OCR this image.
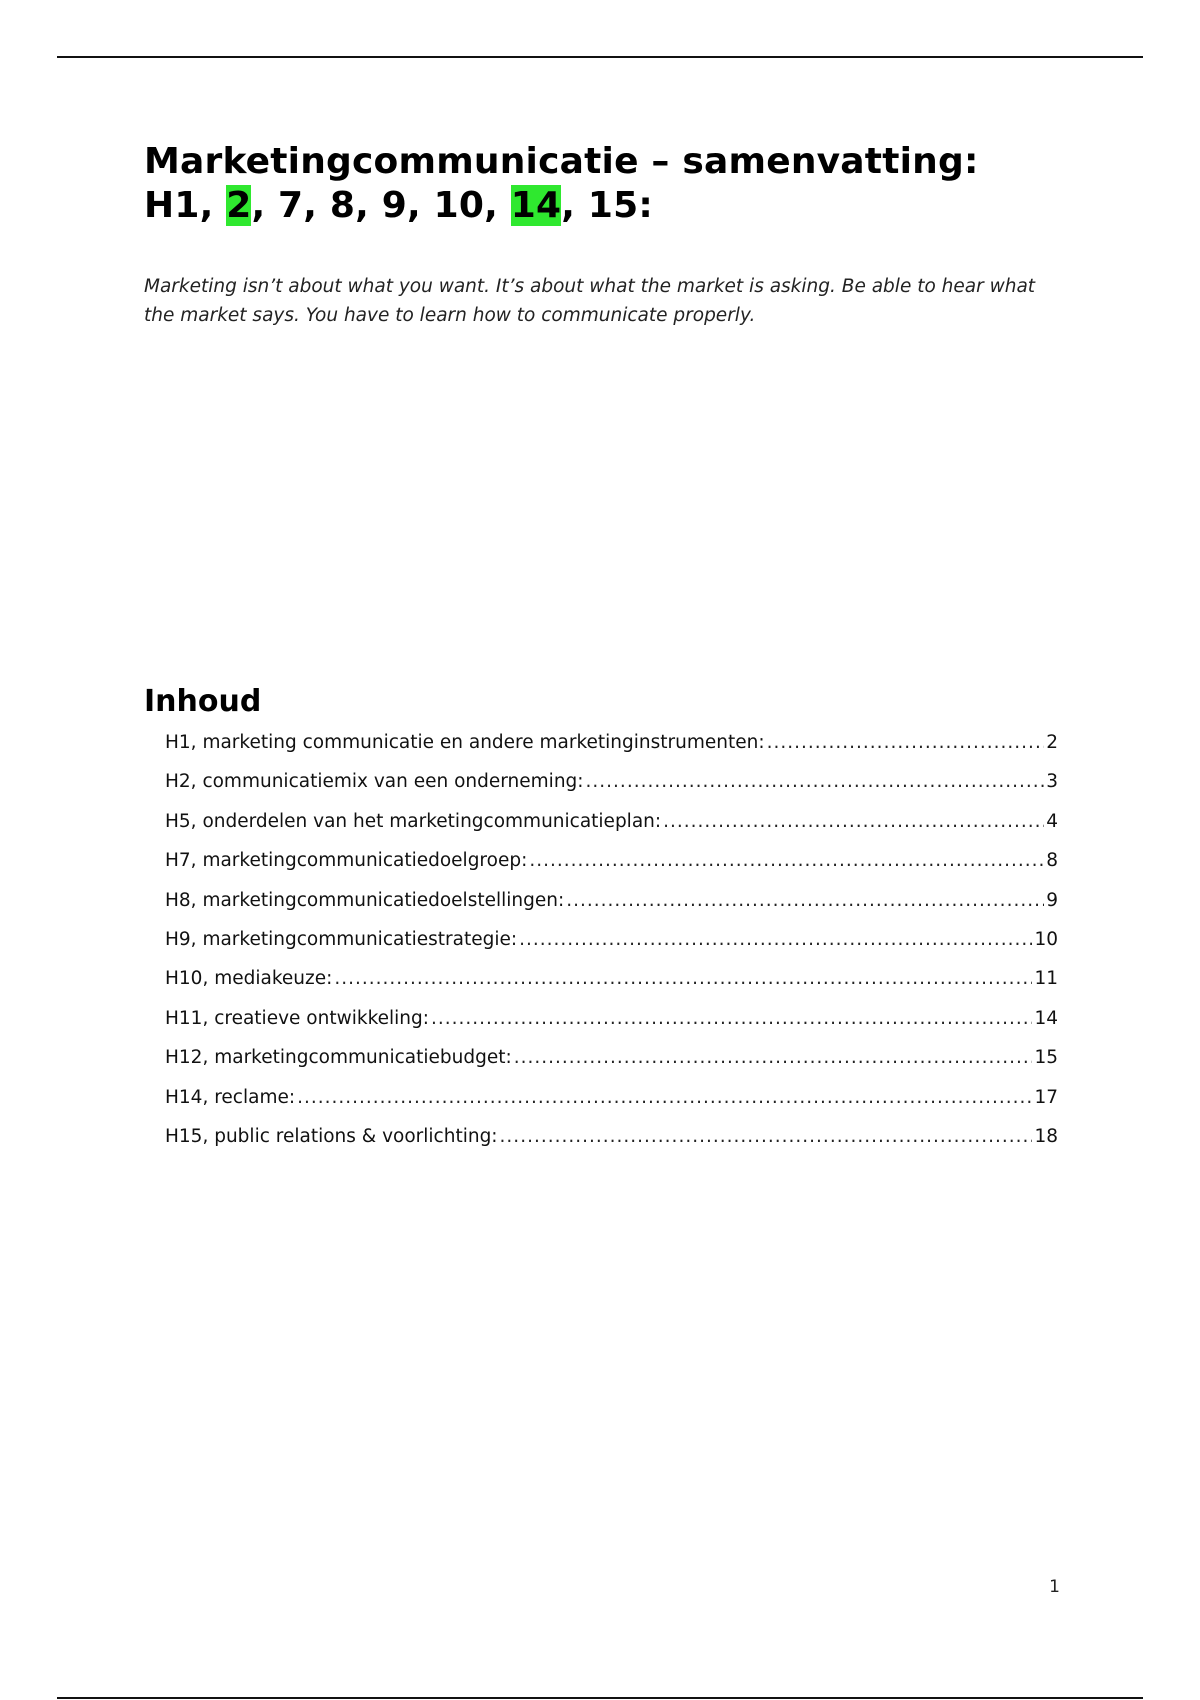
Marketingcommunicatie – samenvatting: H1, 2, 7, 8, 9, 10, 14, 15:

Marketing isn’t about what you want. It’s about what the market is asking. Be able to hear what the market says. You have to learn how to communicate properly.

Inhoud
H1, marketing communicatie en andere marketinginstrumenten: .....	2
H2, communicatiemix van een onderneming: .....	3
H5, onderdelen van het marketingcommunicatieplan: .....	4
H7, marketingcommunicatiedoelgroep: .....	8
H8, marketingcommunicatiedoelstellingen: .....	9
H9, marketingcommunicatiestrategie: .....	10
H10, mediakeuze: .....	11
H11, creatieve ontwikkeling: .....	14
H12, marketingcommunicatiebudget: .....	15
H14, reclame: .....	17
H15, public relations & voorlichting: .....	18
1
